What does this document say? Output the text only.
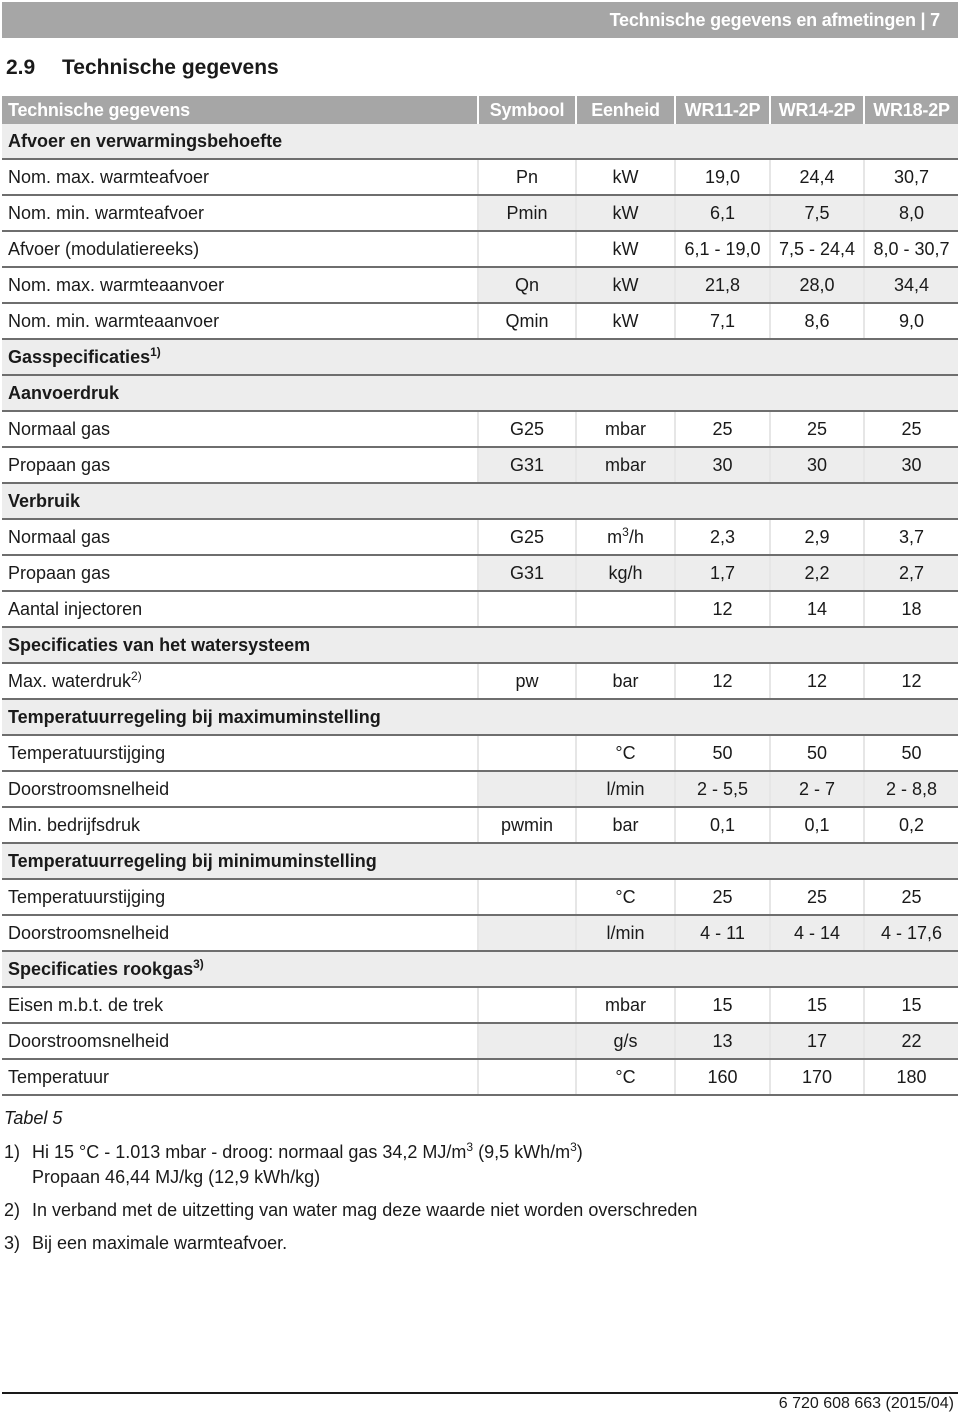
Technische gegevens en afmetingen | 7
2.9 Technische gegevens
Technische gegevens	Symbool	Eenheid	WR11-2P	WR14-2P	WR18-2P
Afvoer en verwarmingsbehoefte					
Nom. max. warmteafvoer	Pn	kW	19,0	24,4	30,7
Nom. min. warmteafvoer	Pmin	kW	6,1	7,5	8,0
Afvoer (modulatiereeks)		kW	6,1 - 19,0	7,5 - 24,4	8,0 - 30,7
Nom. max. warmteaanvoer	Qn	kW	21,8	28,0	34,4
Nom. min. warmteaanvoer	Qmin	kW	7,1	8,6	9,0
Gasspecificaties$^{1)}$
Aanvoerdruk					
Normaal gas	G25	mbar	25	25	25
Propaan gas	G31	mbar	30	30	30
Verbruik					
Normaal gas	G25	$m^3/h$	2,3	2,9	3,7
Propaan gas	G31	kg/h	1,7	2,2	2,7
Aantal injectoren			12	14	18
Specificaties van het watersysteem					
Max. waterdruk$^{2)}$	pw	bar	12	12	12
Temperatuurregeling bij maximuminstelling					
Temperatuurstijging		°C	50	50	50
Doorstroomsnelheid		l/min	2 - 5,5	2 - 7	2 - 8,8
Min. bedrijfsdruk	pwmin	bar	0,1	0,1	0,2
Temperatuurregeling bij minimuminstelling					
Temperatuurstijging		°C	25	25	25
Doorstroomsnelheid		l/min	4 - 11	4 - 14	4 - 17,6
Specificaties rookgas$^{3)}$
Eisen m.b.t. de trek		mbar	15	15	15
Doorstroomsnelheid		g/s	13	17	22
Temperatuur		°C	160	170	180
Tabel 5
1) Hi 15 °C - 1.013 mbar - droog: normaal gas 34,2 $MJ/m^3$ (9,5 kWh/$m^3$)
Propaan 46,44 MJ/kg (12,9 kWh/kg)
2) In verband met de uitzetting van water mag deze waarde niet worden overschreden
3) Bij een maximale warmteafvoer.
6 720 608 663 (2015/04)
